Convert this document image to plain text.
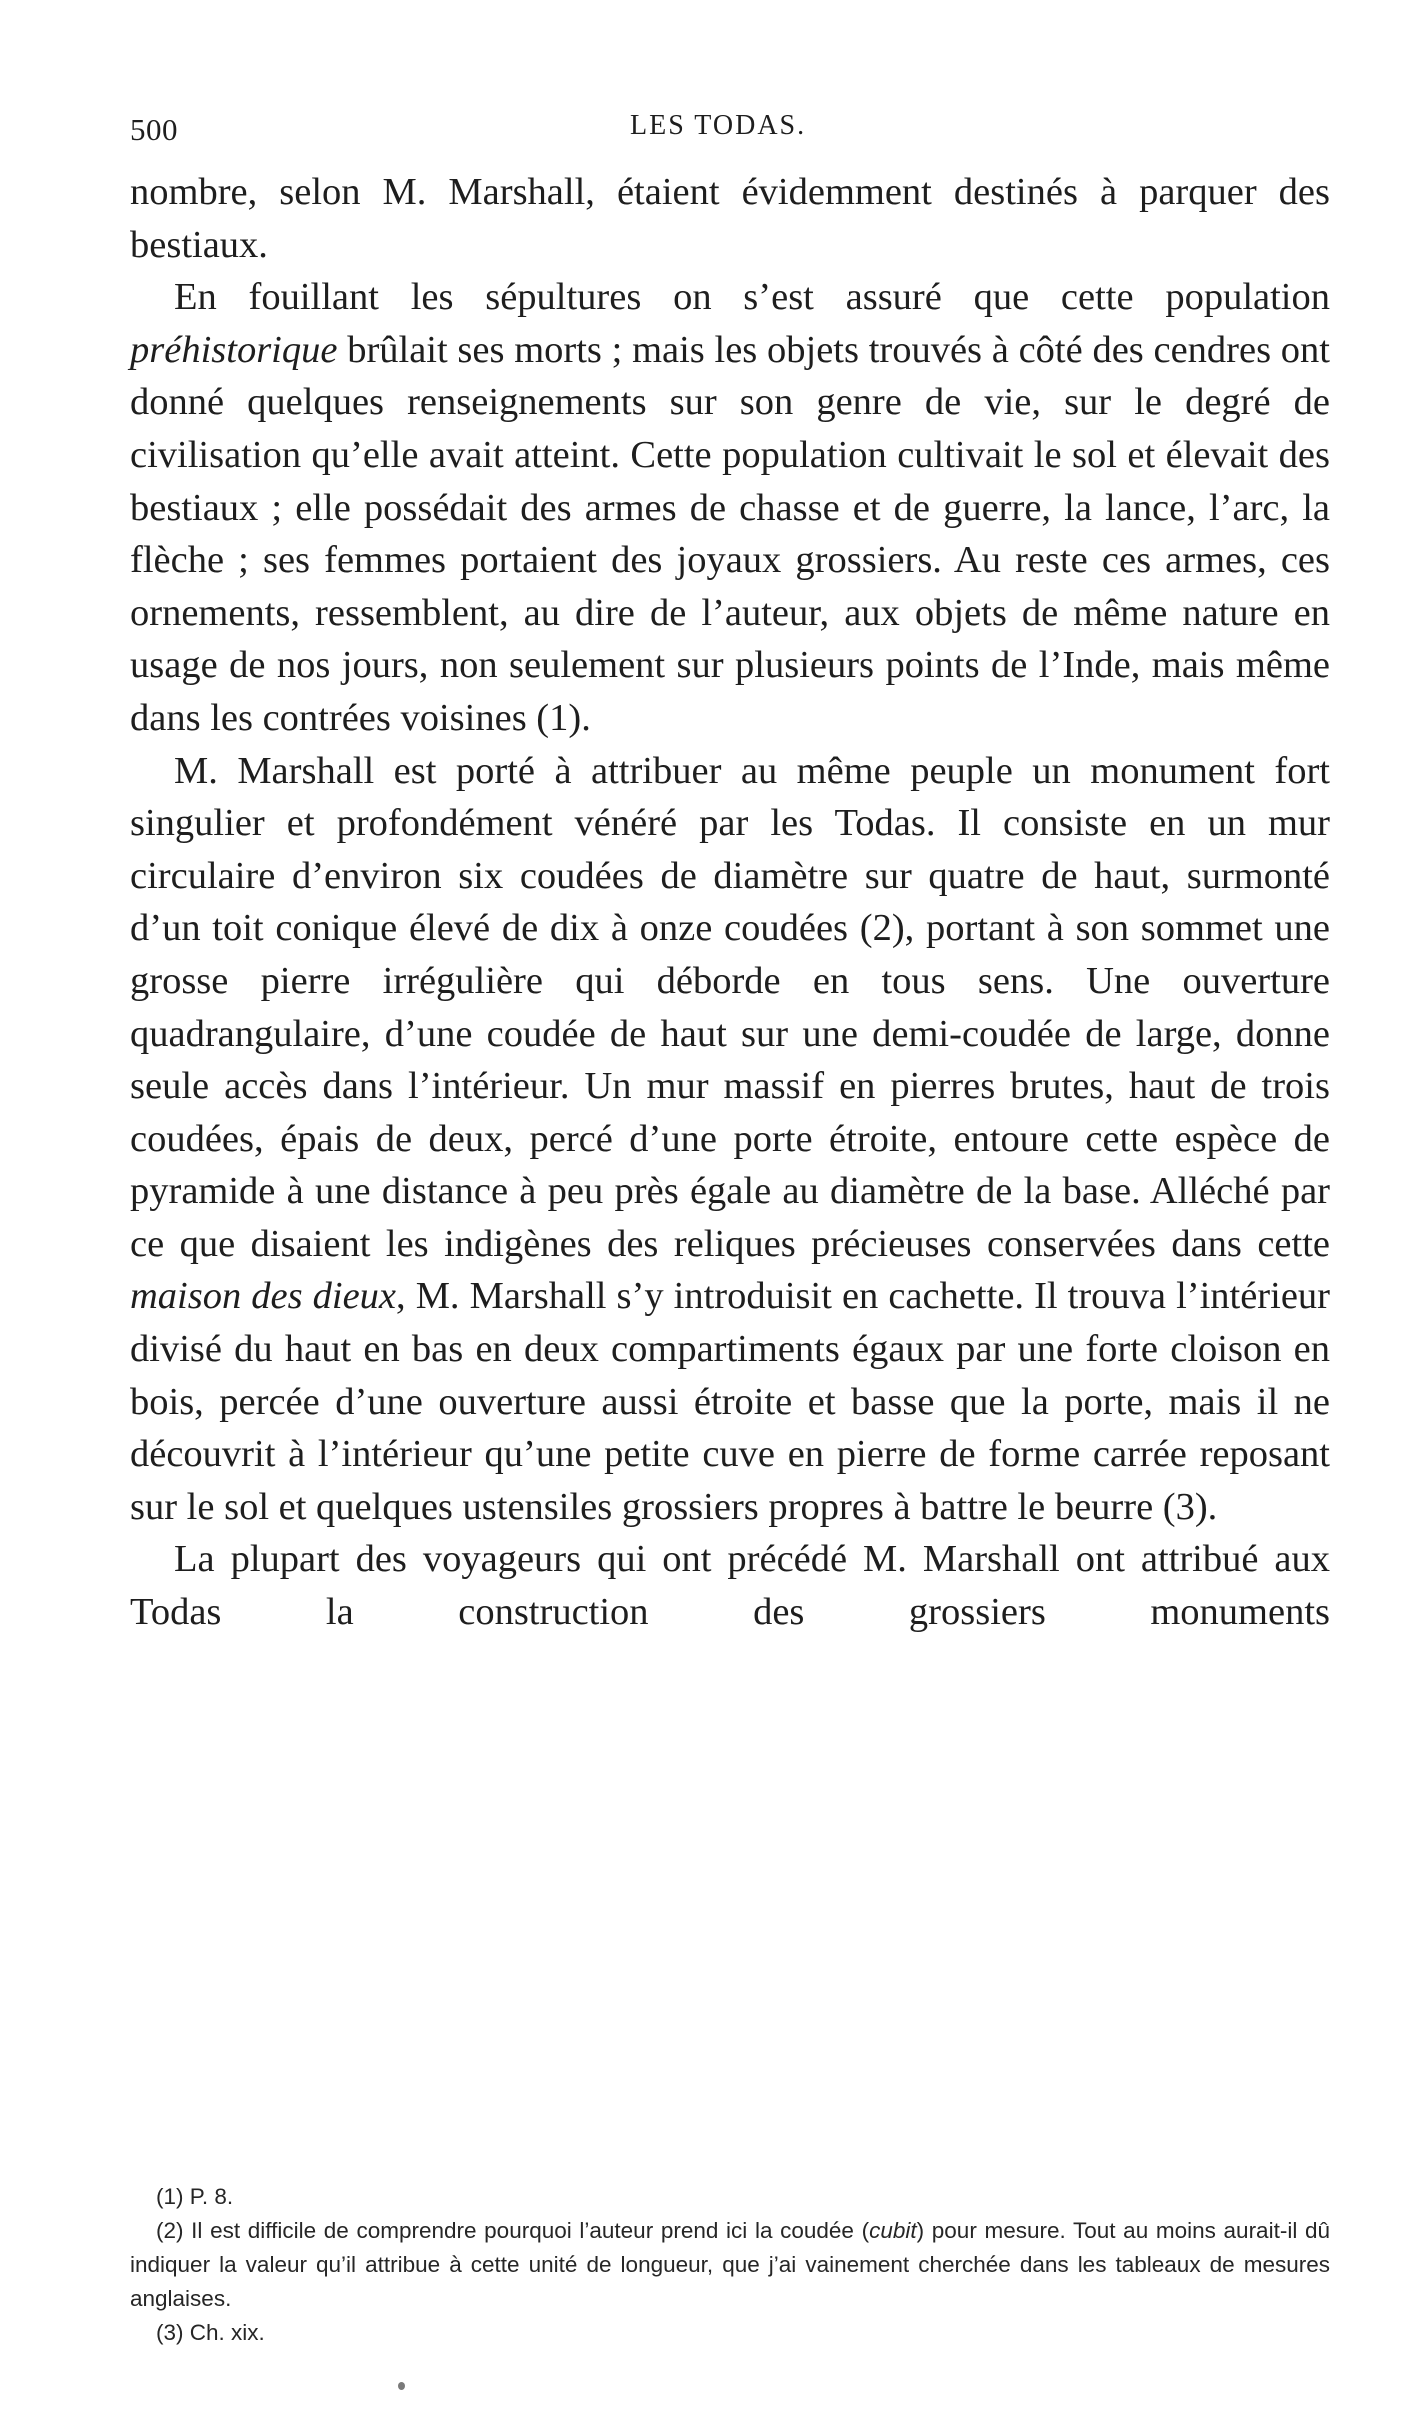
500	LES TODAS.

nombre, selon M. Marshall, étaient évidemment destinés à parquer des bestiaux.

En fouillant les sépultures on s’est assuré que cette population préhistorique brûlait ses morts ; mais les objets trouvés à côté des cendres ont donné quelques renseignements sur son genre de vie, sur le degré de civilisation qu’elle avait atteint. Cette population cultivait le sol et élevait des bestiaux ; elle possédait des armes de chasse et de guerre, la lance, l’arc, la flèche ; ses femmes portaient des joyaux grossiers. Au reste ces armes, ces ornements, ressemblent, au dire de l’auteur, aux objets de même nature en usage de nos jours, non seulement sur plusieurs points de l’Inde, mais même dans les contrées voisines (1).

M. Marshall est porté à attribuer au même peuple un monument fort singulier et profondément vénéré par les Todas. Il consiste en un mur circulaire d’environ six coudées de diamètre sur quatre de haut, surmonté d’un toit conique élevé de dix à onze coudées (2), portant à son sommet une grosse pierre irrégulière qui déborde en tous sens. Une ouverture quadrangulaire, d’une coudée de haut sur une demi-coudée de large, donne seule accès dans l’intérieur. Un mur massif en pierres brutes, haut de trois coudées, épais de deux, percé d’une porte étroite, entoure cette espèce de pyramide à une distance à peu près égale au diamètre de la base. Alléché par ce que disaient les indigènes des reliques précieuses conservées dans cette maison des dieux, M. Marshall s’y introduisit en cachette. Il trouva l’intérieur divisé du haut en bas en deux compartiments égaux par une forte cloison en bois, percée d’une ouverture aussi étroite et basse que la porte, mais il ne découvrit à l’intérieur qu’une petite cuve en pierre de forme carrée reposant sur le sol et quelques ustensiles grossiers propres à battre le beurre (3).

La plupart des voyageurs qui ont précédé M. Marshall ont attribué aux Todas la construction des grossiers monuments

(1) P. 8.

(2) Il est difficile de comprendre pourquoi l’auteur prend ici la coudée (cubit) pour mesure. Tout au moins aurait-il dû indiquer la valeur qu’il attribue à cette unité de longueur, que j’ai vainement cherchée dans les tableaux de mesures anglaises.

(3) Ch. xix.
